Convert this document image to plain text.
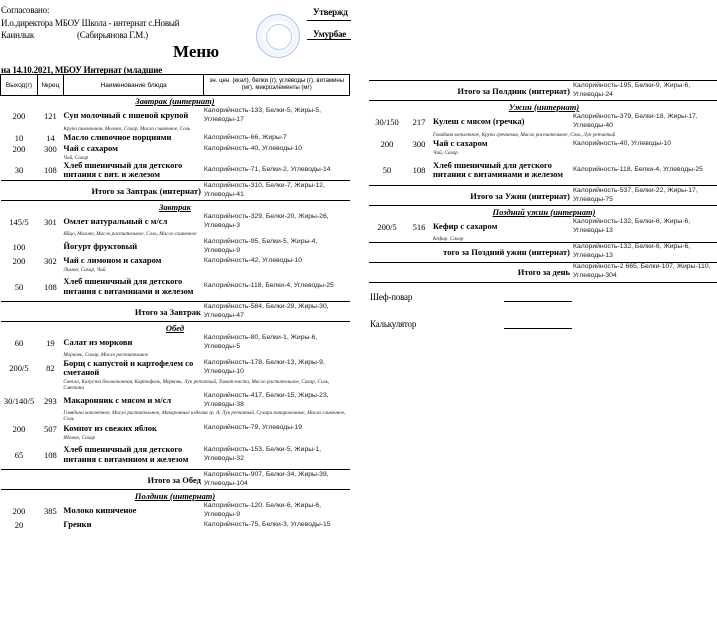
Согласовано:
И.о.директора МБОУ Школа - интернат с.Новый
Каинлык	(Сабирьянова Г.М.)
Утвержд
Умурбае
Меню
на 14.10.2021, МБОУ Интернат (младшие
Выход(г)	№рец	Наименование блюда	эн. цен. (ккал), белки (г), углеводы (г), витамины (мг), микроэлементы (мг)
Завтрак (интернат)			
200	121	Суп молочный с пшеной крупой	Калорийность-133, Белки-5, Жиры-5, Углеводы-17
		Крупа пшеничная, Молоко, Сахар, Масло сливочное, Соль	
10	14	Масло сливочное порциями	Калорийность-66, Жиры-7
200	300	Чай с сахаром	Калорийность-40, Углеводы-10
		Чай, Сахар	
30	108	Хлеб пшеничный для детского питания с вит. и железом	Калорийность-71, Белки-2, Углеводы-14
Итого за Завтрак (интернат)			Калорийность-310, Белки-7, Жиры-12, Углеводы-41
Завтрак			
145/5	301	Омлет натуральный с м/сл	Калорийность-329, Белки-20, Жиры-26, Углеводы-3
		Яйцо, Молоко, Масло растительное, Соль, Масло сливочное	
100		Йогурт фруктовый	Калорийность-95, Белки-5, Жиры-4, Углеводы-9
200	302	Чай с лимоном и сахаром	Калорийность-42, Углеводы-10
		Лимон, Сахар, Чай	
50	108	Хлеб пшеничный для детского питания с витаминами и железом	Калорийность-118, Белки-4, Углеводы-25
Итого за Завтрак			Калорийность-584, Белки-29, Жиры-30, Углеводы-47
Обед			
60	19	Салат из моркови	Калорийность-80, Белки-1, Жиры-6, Углеводы-5
		Морковь, Сахар, Масло растительное	
200/5	82	Борщ с капустой и картофелем со сметаной	Калорийность-178, Белки-13, Жиры-9, Углеводы-10
		Свекла, Капуста белокочанная, Картофель, Морковь, Лук репчатый, Томат-паста, Масло растительное, Сахар, Соль, Сметана	
30/140/5	293	Макаронник с мясом и м/сл	Калорийность-417, Белки-15, Жиры-23, Углеводы-38
		Говядина котлетное, Масло растительное, Макаронные изделия гр. А, Лук репчатый, Сухари панировочные, Масло сливочное, Соль	
200	507	Компот из свежих яблок	Калорийность-79, Углеводы-19
		Яблоко, Сахар	
65	108	Хлеб пшеничный для детского питания с витамином и железом	Калорийность-153, Белки-5, Жиры-1, Углеводы-32
Итого за Обед			Калорийность-907, Белки-34, Жиры-39, Углеводы-104
Полдник (интернат)			
200	385	Молоко кипяченое	Калорийность-120, Белки-6, Жиры-6, Углеводы-9
20		Гренки	Калорийность-75, Белки-3, Углеводы-15
Итого за Полдник (интернат)			Калорийность-195, Белки-9, Жиры-6, Углеводы-24
Ужин (интернат)			
30/150	217	Кулеш с мясом (гречка)	Калорийность-379, Белки-18, Жиры-17, Углеводы-40
		Говядина котлетное, Крупа гречневая, Масло растительное, Соль, Лук репчатый	
200	300	Чай с сахаром	Калорийность-40, Углеводы-10
		Чай, Сахар	
50	108	Хлеб пшеничный для детского питания с витаминами и железом	Калорийность-118, Белки-4, Углеводы-25
Итого за Ужин (интернат)			Калорийность-537, Белки-22, Жиры-17, Углеводы-75
Поздний ужин (интернат)			
200/5	516	Кефир с сахаром	Калорийность-132, Белки-6, Жиры-6, Углеводы-13
		Кефир, Сахар	
того за Поздний ужин (интернат)			Калорийность-132, Белки-6, Жиры-6, Углеводы-13
Итого за день			Калорийность-2 665, Белки-107, Жиры-110, Углеводы-304
Шеф-повар
Калькулятор
